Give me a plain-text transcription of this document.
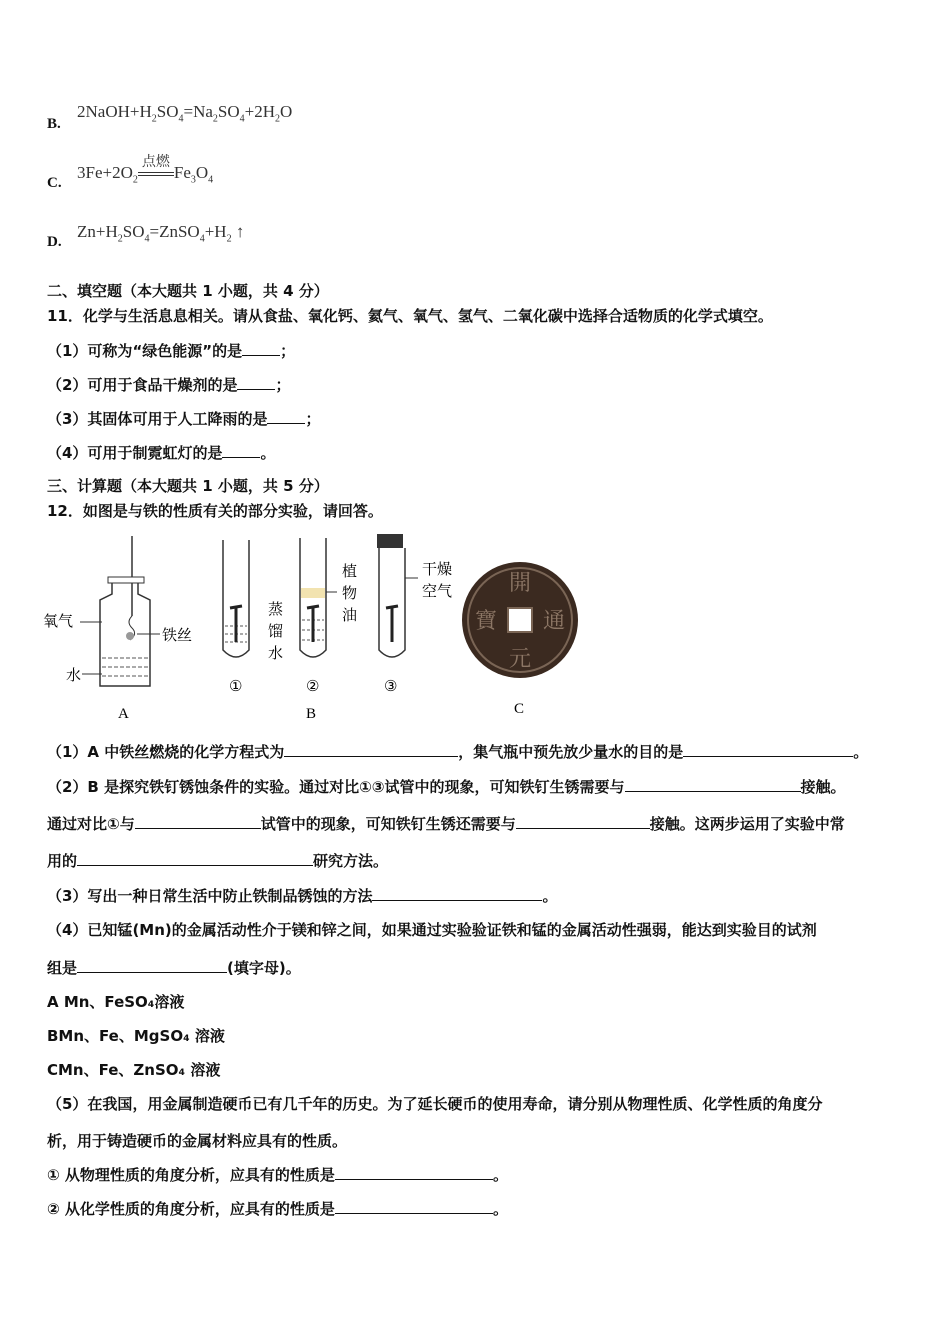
B.
$2NaOH+H_2SO_4=Na_2SO_4+2H_2O$
C.
$3Fe+2O_2$
点燃
$Fe_3O_4$
D.
$Zn+H_2SO_4=ZnSO_4+H_2$ ↑
二、填空题（本大题共 1 小题，共 4 分）
11．化学与生活息息相关。请从食盐、氧化钙、氦气、氧气、氢气、二氧化碳中选择合适物质的化学式填空。
（1）可称为“绿色能源”的是	；
（2）可用于食品干燥剂的是	；
（3）其固体可用于人工降雨的是	；
（4）可用于制霓虹灯的是	。
三、计算题（本大题共 1 小题，共 5 分）
12．如图是与铁的性质有关的部分实验，请回答。
氧气
铁丝
水
A
①	②
蒸
馏
水
植
物
油
B
③
干燥
空气	開
元
通
寶
C
（1）A 中铁丝燃烧的化学方程式为	，集气瓶中预先放少量水的目的是	。
（2）B 是探究铁钉锈蚀条件的实验。通过对比①③试管中的现象，可知铁钉生锈需要与	接触。
通过对比①与	试管中的现象，可知铁钉生锈还需要与	接触。这两步运用了实验中常
用的	研究方法。
（3）写出一种日常生活中防止铁制品锈蚀的方法	。
（4）已知锰(Mn)的金属活动性介于镁和锌之间，如果通过实验验证铁和锰的金属活动性强弱，能达到实验目的试剂
组是	(填字母)。
A Mn、FeSO₄溶液
BMn、Fe、MgSO₄ 溶液
CMn、Fe、ZnSO₄ 溶液
（5）在我国，用金属制造硬币已有几千年的历史。为了延长硬币的使用寿命，请分别从物理性质、化学性质的角度分
析，用于铸造硬币的金属材料应具有的性质。
① 从物理性质的角度分析，应具有的性质是	。
② 从化学性质的角度分析，应具有的性质是	。
